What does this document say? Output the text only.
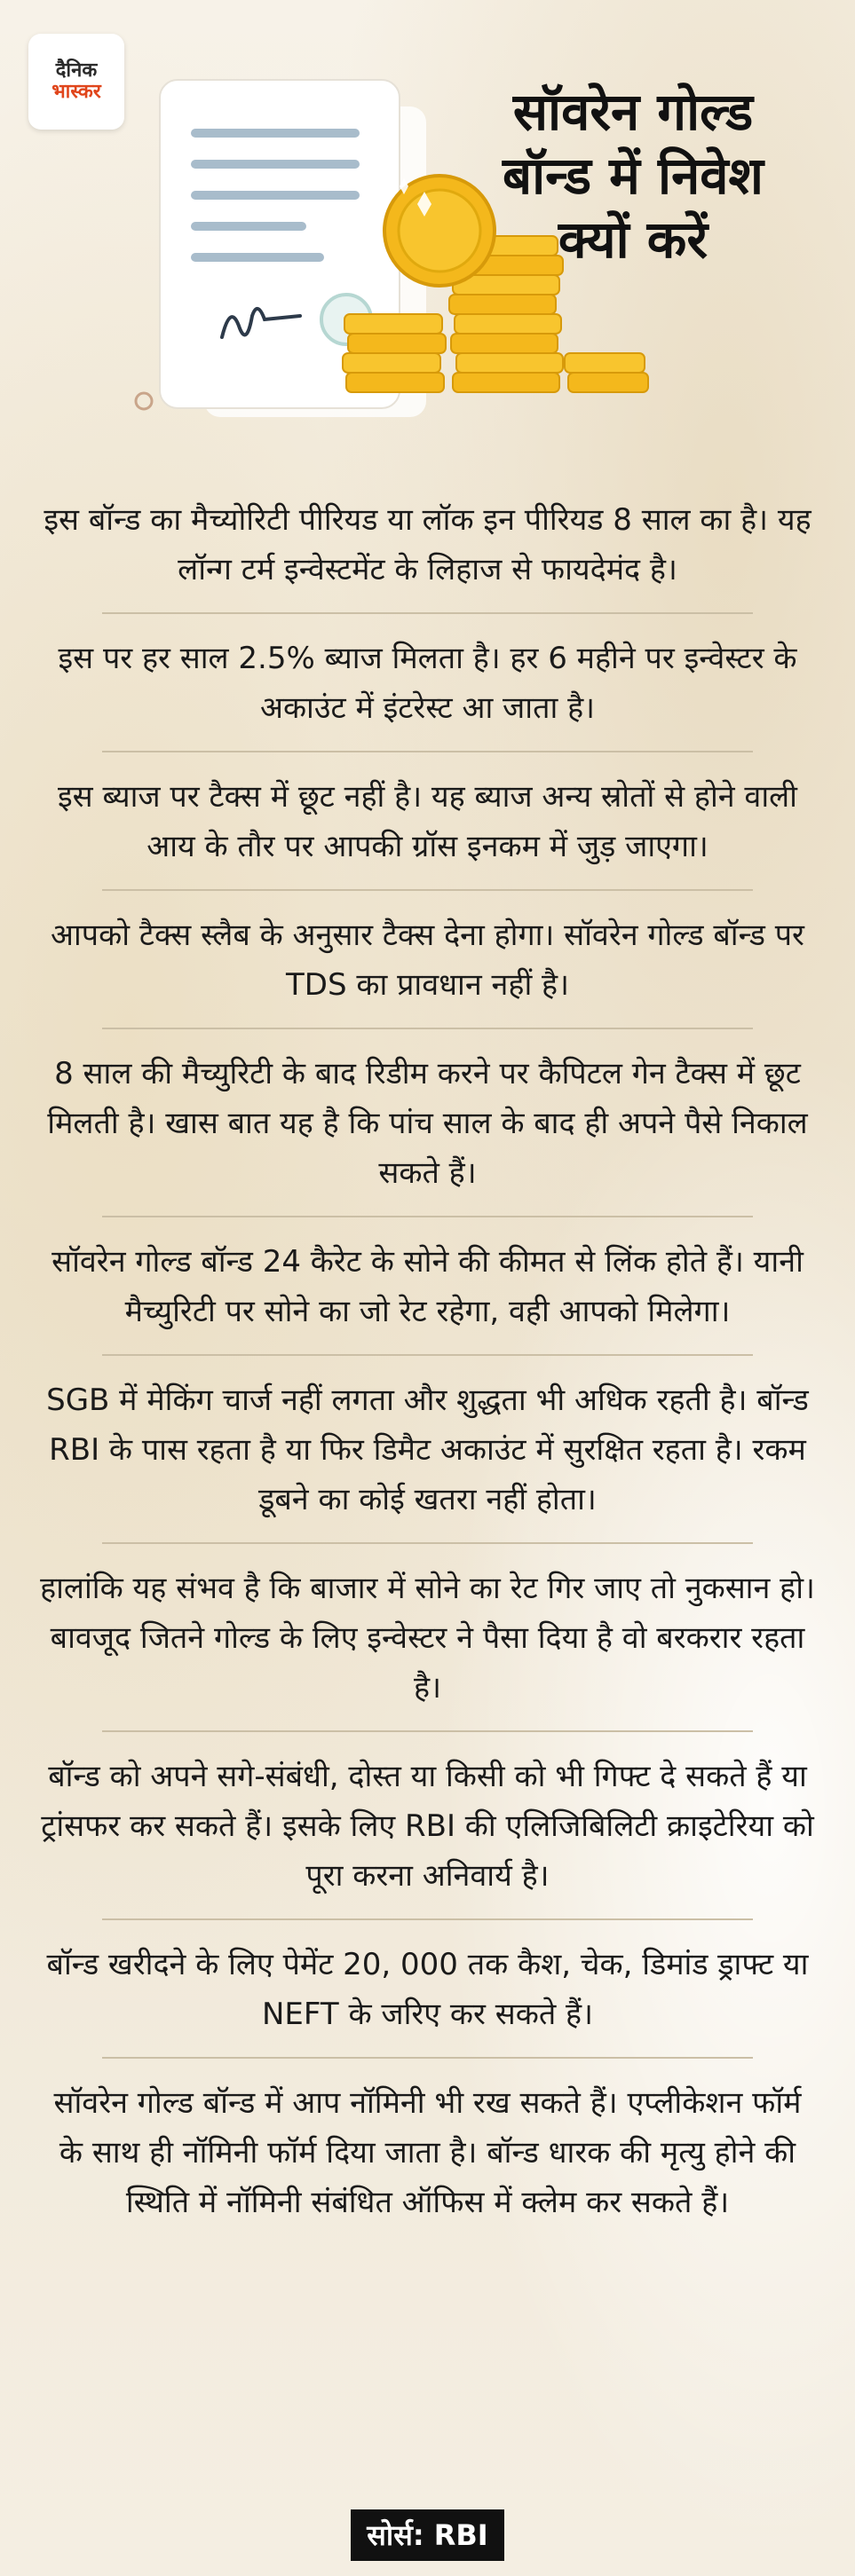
दैनिक
भास्कर	सॉवरेन गोल्ड
बॉन्ड में निवेश
क्यों करें
इस बॉन्ड का मैच्योरिटी पीरियड या लॉक इन पीरियड 8 साल का है। यह लॉन्ग टर्म इन्वेस्टमेंट के लिहाज से फायदेमंद है।
इस पर हर साल 2.5% ब्याज मिलता है। हर 6 महीने पर इन्वेस्टर के अकाउंट में इंटरेस्ट आ जाता है।
इस ब्याज पर टैक्स में छूट नहीं है। यह ब्याज अन्य स्रोतों से होने वाली आय के तौर पर आपकी ग्रॉस इनकम में जुड़ जाएगा।
आपको टैक्स स्लैब के अनुसार टैक्स देना होगा। सॉवरेन गोल्ड बॉन्ड पर TDS का प्रावधान नहीं है।
8 साल की मैच्युरिटी के बाद रिडीम करने पर कैपिटल गेन टैक्स में छूट मिलती है। खास बात यह है कि पांच साल के बाद ही अपने पैसे निकाल सकते हैं।
सॉवरेन गोल्ड बॉन्ड 24 कैरेट के सोने की कीमत से लिंक होते हैं। यानी मैच्युरिटी पर सोने का जो रेट रहेगा, वही आपको मिलेगा।
SGB में मेकिंग चार्ज नहीं लगता और शुद्धता भी अधिक रहती है। बॉन्ड RBI के पास रहता है या फिर डिमैट अकाउंट में सुरक्षित रहता है। रकम डूबने का कोई खतरा नहीं होता।
हालांकि यह संभव है कि बाजार में सोने का रेट गिर जाए तो नुकसान हो। बावजूद जितने गोल्ड के लिए इन्वेस्टर ने पैसा दिया है वो बरकरार रहता है।
बॉन्ड को अपने सगे-संबंधी, दोस्त या किसी को भी गिफ्ट दे सकते हैं या ट्रांसफर कर सकते हैं। इसके लिए RBI की एलिजिबिलिटी क्राइटेरिया को पूरा करना अनिवार्य है।
बॉन्ड खरीदने के लिए पेमेंट 20, 000 तक कैश, चेक, डिमांड ड्राफ्ट या NEFT के जरिए कर सकते हैं।
सॉवरेन गोल्ड बॉन्ड में आप नॉमिनी भी रख सकते हैं। एप्लीकेशन फॉर्म के साथ ही नॉमिनी फॉर्म दिया जाता है। बॉन्ड धारक की मृत्यु होने की स्थिति में नॉमिनी संबंधित ऑफिस में क्लेम कर सकते हैं।
सोर्स: RBI
